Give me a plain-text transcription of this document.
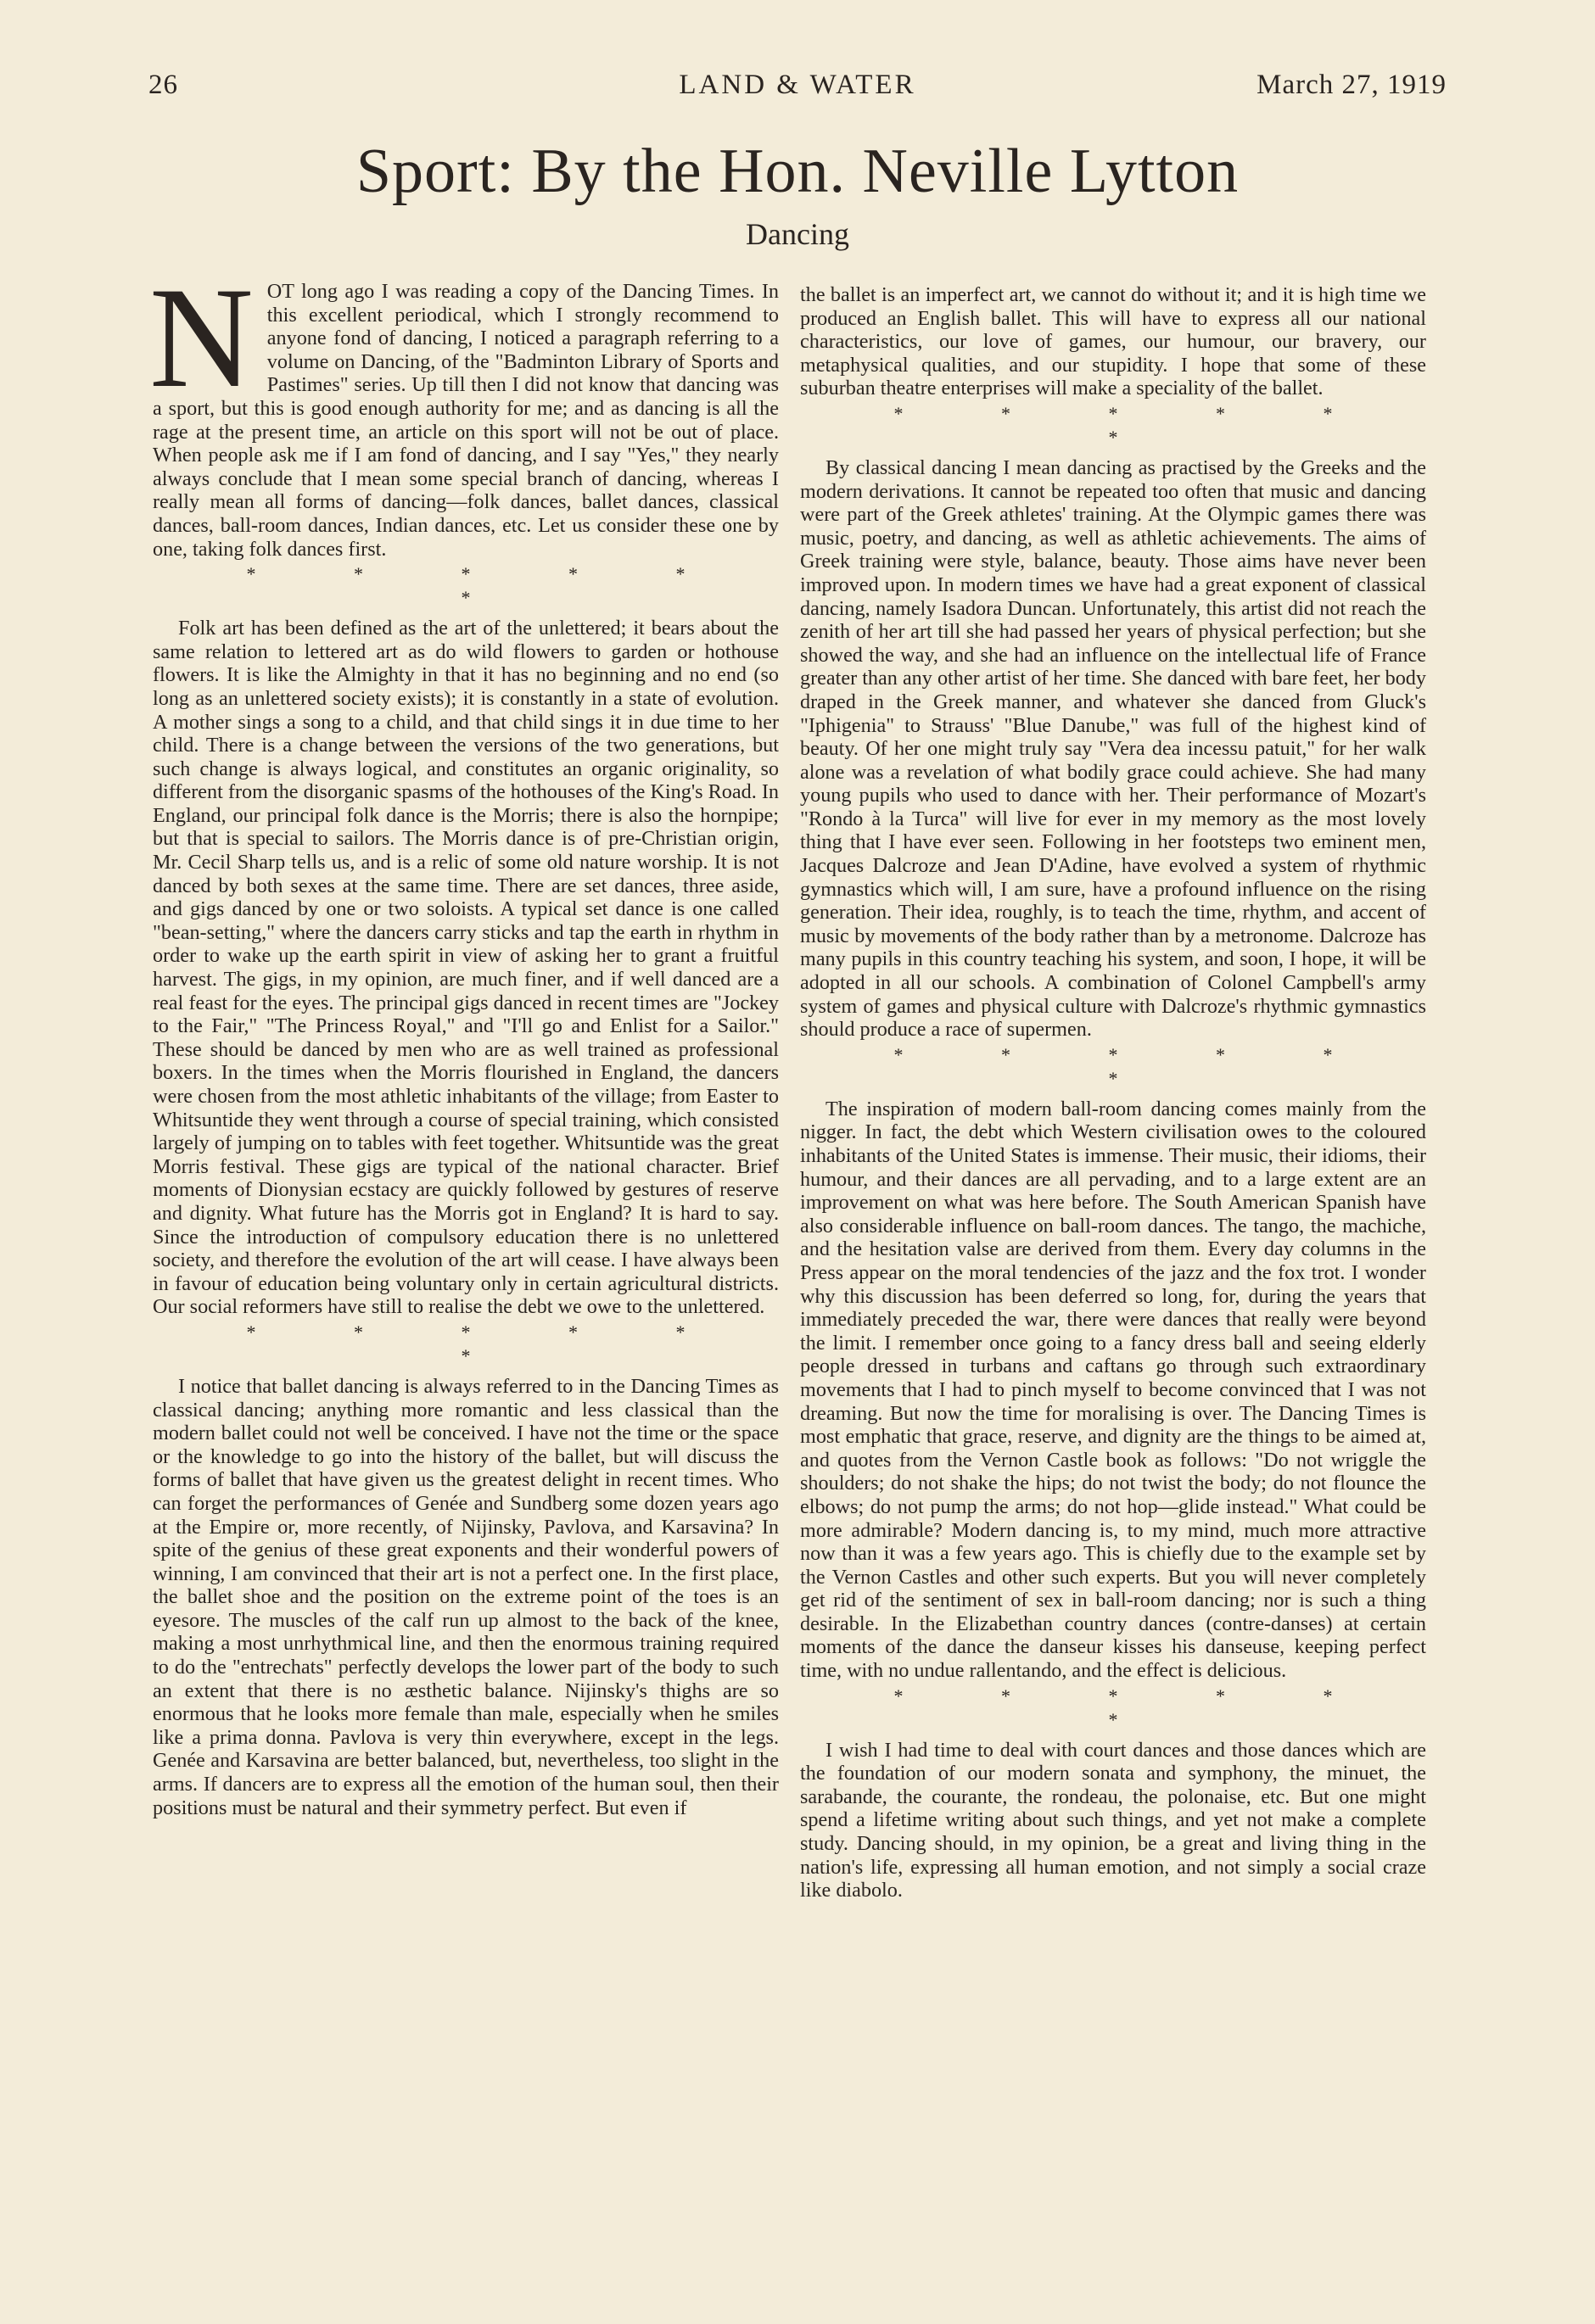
26	LAND & WATER	March 27, 1919
Sport: By the Hon. Neville Lytton
Dancing

NOT long ago I was reading a copy of the Dancing Times. In this excellent periodical, which I strongly recommend to anyone fond of dancing, I noticed a paragraph referring to a volume on Dancing, of the "Badminton Library of Sports and Pastimes" series. Up till then I did not know that dancing was a sport, but this is good enough authority for me; and as dancing is all the rage at the present time, an article on this sport will not be out of place. When people ask me if I am fond of dancing, and I say "Yes," they nearly always conclude that I mean some special branch of dancing, whereas I really mean all forms of dancing—folk dances, ballet dances, classical dances, ball-room dances, Indian dances, etc. Let us consider these one by one, taking folk dances first.

* * * * * *

Folk art has been defined as the art of the unlettered; it bears about the same relation to lettered art as do wild flowers to garden or hothouse flowers. It is like the Almighty in that it has no beginning and no end (so long as an unlettered society exists); it is constantly in a state of evolution. A mother sings a song to a child, and that child sings it in due time to her child. There is a change between the versions of the two generations, but such change is always logical, and constitutes an organic originality, so different from the disorganic spasms of the hothouses of the King's Road. In England, our principal folk dance is the Morris; there is also the hornpipe; but that is special to sailors. The Morris dance is of pre-Christian origin, Mr. Cecil Sharp tells us, and is a relic of some old nature worship. It is not danced by both sexes at the same time. There are set dances, three aside, and gigs danced by one or two soloists. A typical set dance is one called "bean-setting," where the dancers carry sticks and tap the earth in rhythm in order to wake up the earth spirit in view of asking her to grant a fruitful harvest. The gigs, in my opinion, are much finer, and if well danced are a real feast for the eyes. The principal gigs danced in recent times are "Jockey to the Fair," "The Princess Royal," and "I'll go and Enlist for a Sailor." These should be danced by men who are as well trained as professional boxers. In the times when the Morris flourished in England, the dancers were chosen from the most athletic inhabitants of the village; from Easter to Whitsuntide they went through a course of special training, which consisted largely of jumping on to tables with feet together. Whitsuntide was the great Morris festival. These gigs are typical of the national character. Brief moments of Dionysian ecstacy are quickly followed by gestures of reserve and dignity. What future has the Morris got in England? It is hard to say. Since the introduction of compulsory education there is no unlettered society, and therefore the evolution of the art will cease. I have always been in favour of education being voluntary only in certain agricultural districts. Our social reformers have still to realise the debt we owe to the unlettered.

* * * * * *

I notice that ballet dancing is always referred to in the Dancing Times as classical dancing; anything more romantic and less classical than the modern ballet could not well be conceived. I have not the time or the space or the knowledge to go into the history of the ballet, but will discuss the forms of ballet that have given us the greatest delight in recent times. Who can forget the performances of Genée and Sundberg some dozen years ago at the Empire or, more recently, of Nijinsky, Pavlova, and Karsavina? In spite of the genius of these great exponents and their wonderful powers of winning, I am convinced that their art is not a perfect one. In the first place, the ballet shoe and the position on the extreme point of the toes is an eyesore. The muscles of the calf run up almost to the back of the knee, making a most unrhythmical line, and then the enormous training required to do the "entrechats" perfectly develops the lower part of the body to such an extent that there is no æsthetic balance. Nijinsky's thighs are so enormous that he looks more female than male, especially when he smiles like a prima donna. Pavlova is very thin everywhere, except in the legs. Genée and Karsavina are better balanced, but, nevertheless, too slight in the arms. If dancers are to express all the emotion of the human soul, then their positions must be natural and their symmetry perfect. But even if

the ballet is an imperfect art, we cannot do without it; and it is high time we produced an English ballet. This will have to express all our national characteristics, our love of games, our humour, our bravery, our metaphysical qualities, and our stupidity. I hope that some of these suburban theatre enterprises will make a speciality of the ballet.

* * * * * *

By classical dancing I mean dancing as practised by the Greeks and the modern derivations. It cannot be repeated too often that music and dancing were part of the Greek athletes' training. At the Olympic games there was music, poetry, and dancing, as well as athletic achievements. The aims of Greek training were style, balance, beauty. Those aims have never been improved upon. In modern times we have had a great exponent of classical dancing, namely Isadora Duncan. Unfortunately, this artist did not reach the zenith of her art till she had passed her years of physical perfection; but she showed the way, and she had an influence on the intellectual life of France greater than any other artist of her time. She danced with bare feet, her body draped in the Greek manner, and whatever she danced from Gluck's "Iphigenia" to Strauss' "Blue Danube," was full of the highest kind of beauty. Of her one might truly say "Vera dea incessu patuit," for her walk alone was a revelation of what bodily grace could achieve. She had many young pupils who used to dance with her. Their performance of Mozart's "Rondo à la Turca" will live for ever in my memory as the most lovely thing that I have ever seen. Following in her footsteps two eminent men, Jacques Dalcroze and Jean D'Adine, have evolved a system of rhythmic gymnastics which will, I am sure, have a profound influence on the rising generation. Their idea, roughly, is to teach the time, rhythm, and accent of music by movements of the body rather than by a metronome. Dalcroze has many pupils in this country teaching his system, and soon, I hope, it will be adopted in all our schools. A combination of Colonel Campbell's army system of games and physical culture with Dalcroze's rhythmic gymnastics should produce a race of supermen.

* * * * * *

The inspiration of modern ball-room dancing comes mainly from the nigger. In fact, the debt which Western civilisation owes to the coloured inhabitants of the United States is immense. Their music, their idioms, their humour, and their dances are all pervading, and to a large extent are an improvement on what was here before. The South American Spanish have also considerable influence on ball-room dances. The tango, the machiche, and the hesitation valse are derived from them. Every day columns in the Press appear on the moral tendencies of the jazz and the fox trot. I wonder why this discussion has been deferred so long, for, during the years that immediately preceded the war, there were dances that really were beyond the limit. I remember once going to a fancy dress ball and seeing elderly people dressed in turbans and caftans go through such extraordinary movements that I had to pinch myself to become convinced that I was not dreaming. But now the time for moralising is over. The Dancing Times is most emphatic that grace, reserve, and dignity are the things to be aimed at, and quotes from the Vernon Castle book as follows: "Do not wriggle the shoulders; do not shake the hips; do not twist the body; do not flounce the elbows; do not pump the arms; do not hop—glide instead." What could be more admirable? Modern dancing is, to my mind, much more attractive now than it was a few years ago. This is chiefly due to the example set by the Vernon Castles and other such experts. But you will never completely get rid of the sentiment of sex in ball-room dancing; nor is such a thing desirable. In the Elizabethan country dances (contre-danses) at certain moments of the dance the danseur kisses his danseuse, keeping perfect time, with no undue rallentando, and the effect is delicious.

* * * * * *

I wish I had time to deal with court dances and those dances which are the foundation of our modern sonata and symphony, the minuet, the sarabande, the courante, the rondeau, the polonaise, etc. But one might spend a lifetime writing about such things, and yet not make a complete study. Dancing should, in my opinion, be a great and living thing in the nation's life, expressing all human emotion, and not simply a social craze like diabolo.
